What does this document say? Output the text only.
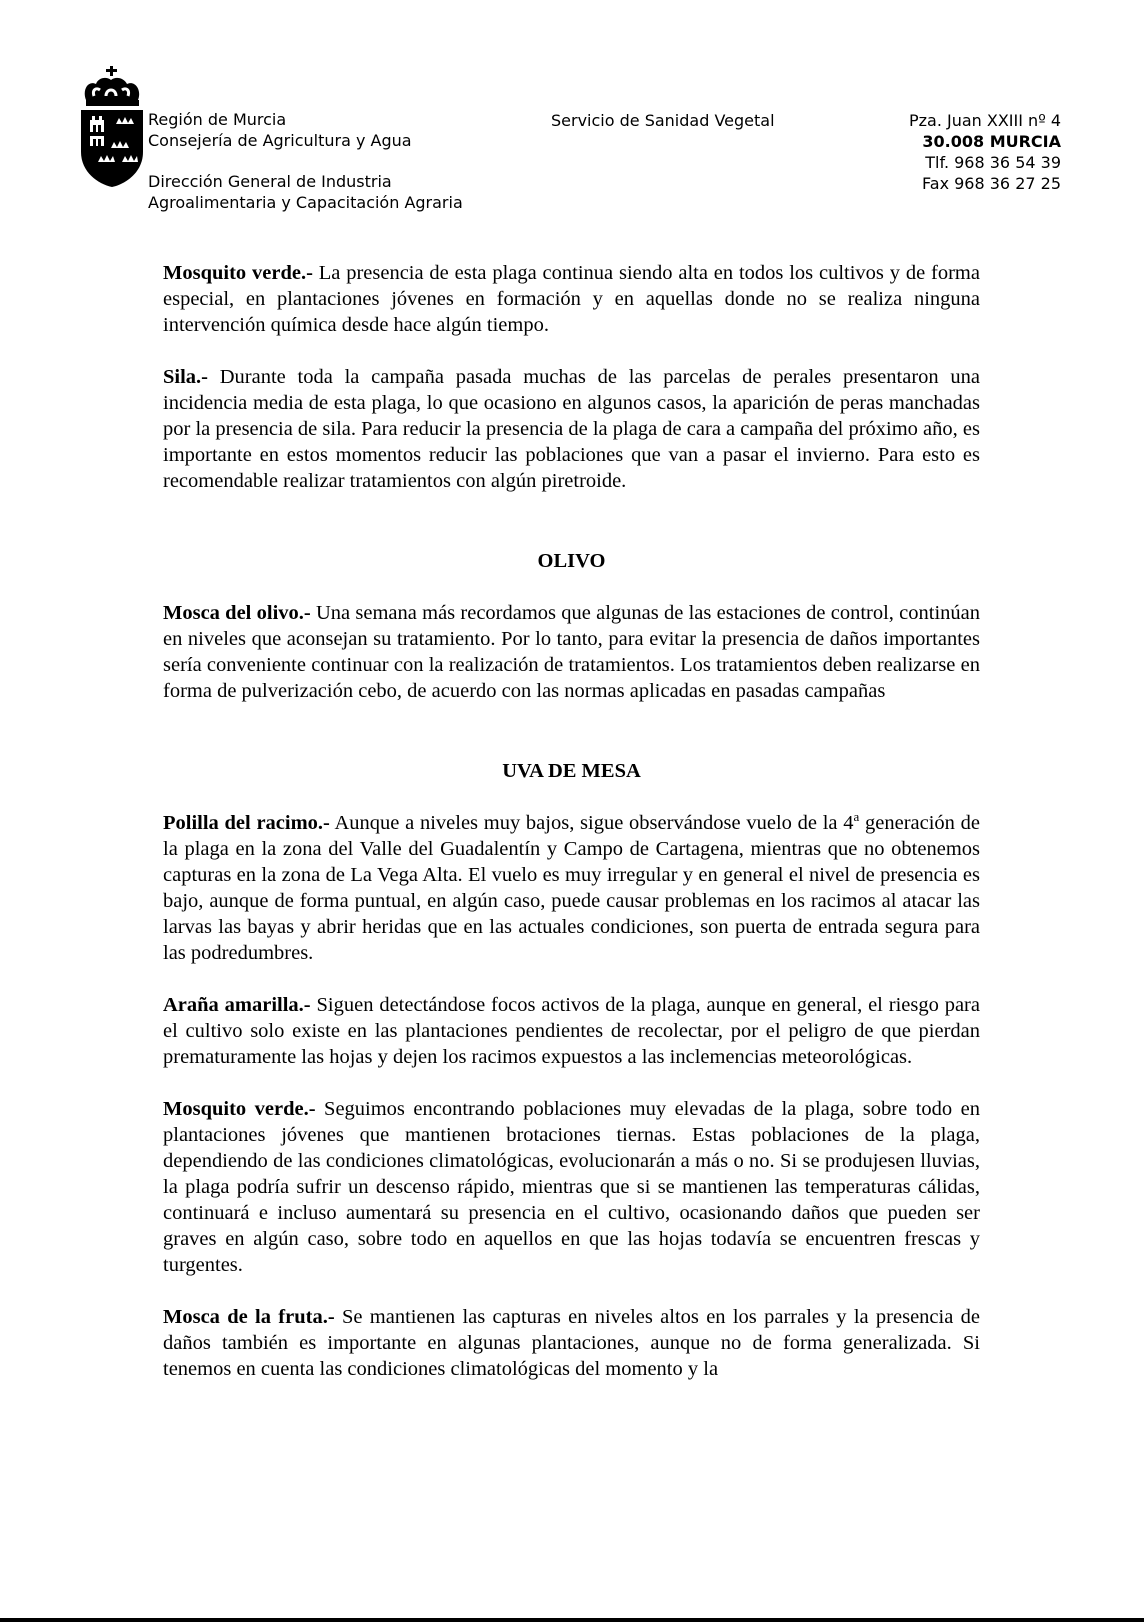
Región de Murcia
Consejería de Agricultura y Agua
Dirección General de Industria
Agroalimentaria y Capacitación Agraria
Servicio de Sanidad Vegetal	Pza. Juan XXIII nº 4
30.008 MURCIA
Tlf. 968 36 54 39
Fax 968 36 27 25

Mosquito verde.- La presencia de esta plaga continua siendo alta en todos los cultivos y de forma especial, en plantaciones jóvenes en formación y en aquellas donde no se realiza ninguna intervención química desde hace algún tiempo.

Sila.- Durante toda la campaña pasada muchas de las parcelas de perales presentaron una incidencia media de esta plaga, lo que ocasiono en algunos casos, la aparición de peras manchadas por la presencia de sila. Para reducir la presencia de la plaga de cara a campaña del próximo año, es importante en estos momentos reducir las poblaciones que van a pasar el invierno. Para esto es recomendable realizar tratamientos con algún piretroide.

OLIVO

Mosca del olivo.- Una semana más recordamos que algunas de las estaciones de control, continúan en niveles que aconsejan su tratamiento. Por lo tanto, para evitar la presencia de daños importantes sería conveniente continuar con la realización de tratamientos. Los tratamientos deben realizarse en forma de pulverización cebo, de acuerdo con las normas aplicadas en pasadas campañas

UVA DE MESA

Polilla del racimo.- Aunque a niveles muy bajos, sigue observándose vuelo de la 4$^a$ generación de la plaga en la zona del Valle del Guadalentín y Campo de Cartagena, mientras que no obtenemos capturas en la zona de La Vega Alta. El vuelo es muy irregular y en general el nivel de presencia es bajo, aunque de forma puntual, en algún caso, puede causar problemas en los racimos al atacar las larvas las bayas y abrir heridas que en las actuales condiciones, son puerta de entrada segura para las podredumbres.

Araña amarilla.- Siguen detectándose focos activos de la plaga, aunque en general, el riesgo para el cultivo solo existe en las plantaciones pendientes de recolectar, por el peligro de que pierdan prematuramente las hojas y dejen los racimos expuestos a las inclemencias meteorológicas.

Mosquito verde.- Seguimos encontrando poblaciones muy elevadas de la plaga, sobre todo en plantaciones jóvenes que mantienen brotaciones tiernas. Estas poblaciones de la plaga, dependiendo de las condiciones climatológicas, evolucionarán a más o no. Si se produjesen lluvias, la plaga podría sufrir un descenso rápido, mientras que si se mantienen las temperaturas cálidas, continuará e incluso aumentará su presencia en el cultivo, ocasionando daños que pueden ser graves en algún caso, sobre todo en aquellos en que las hojas todavía se encuentren frescas y turgentes.

Mosca de la fruta.- Se mantienen las capturas en niveles altos en los parrales y la presencia de daños también es importante en algunas plantaciones, aunque no de forma generalizada. Si tenemos en cuenta las condiciones climatológicas del momento y la
